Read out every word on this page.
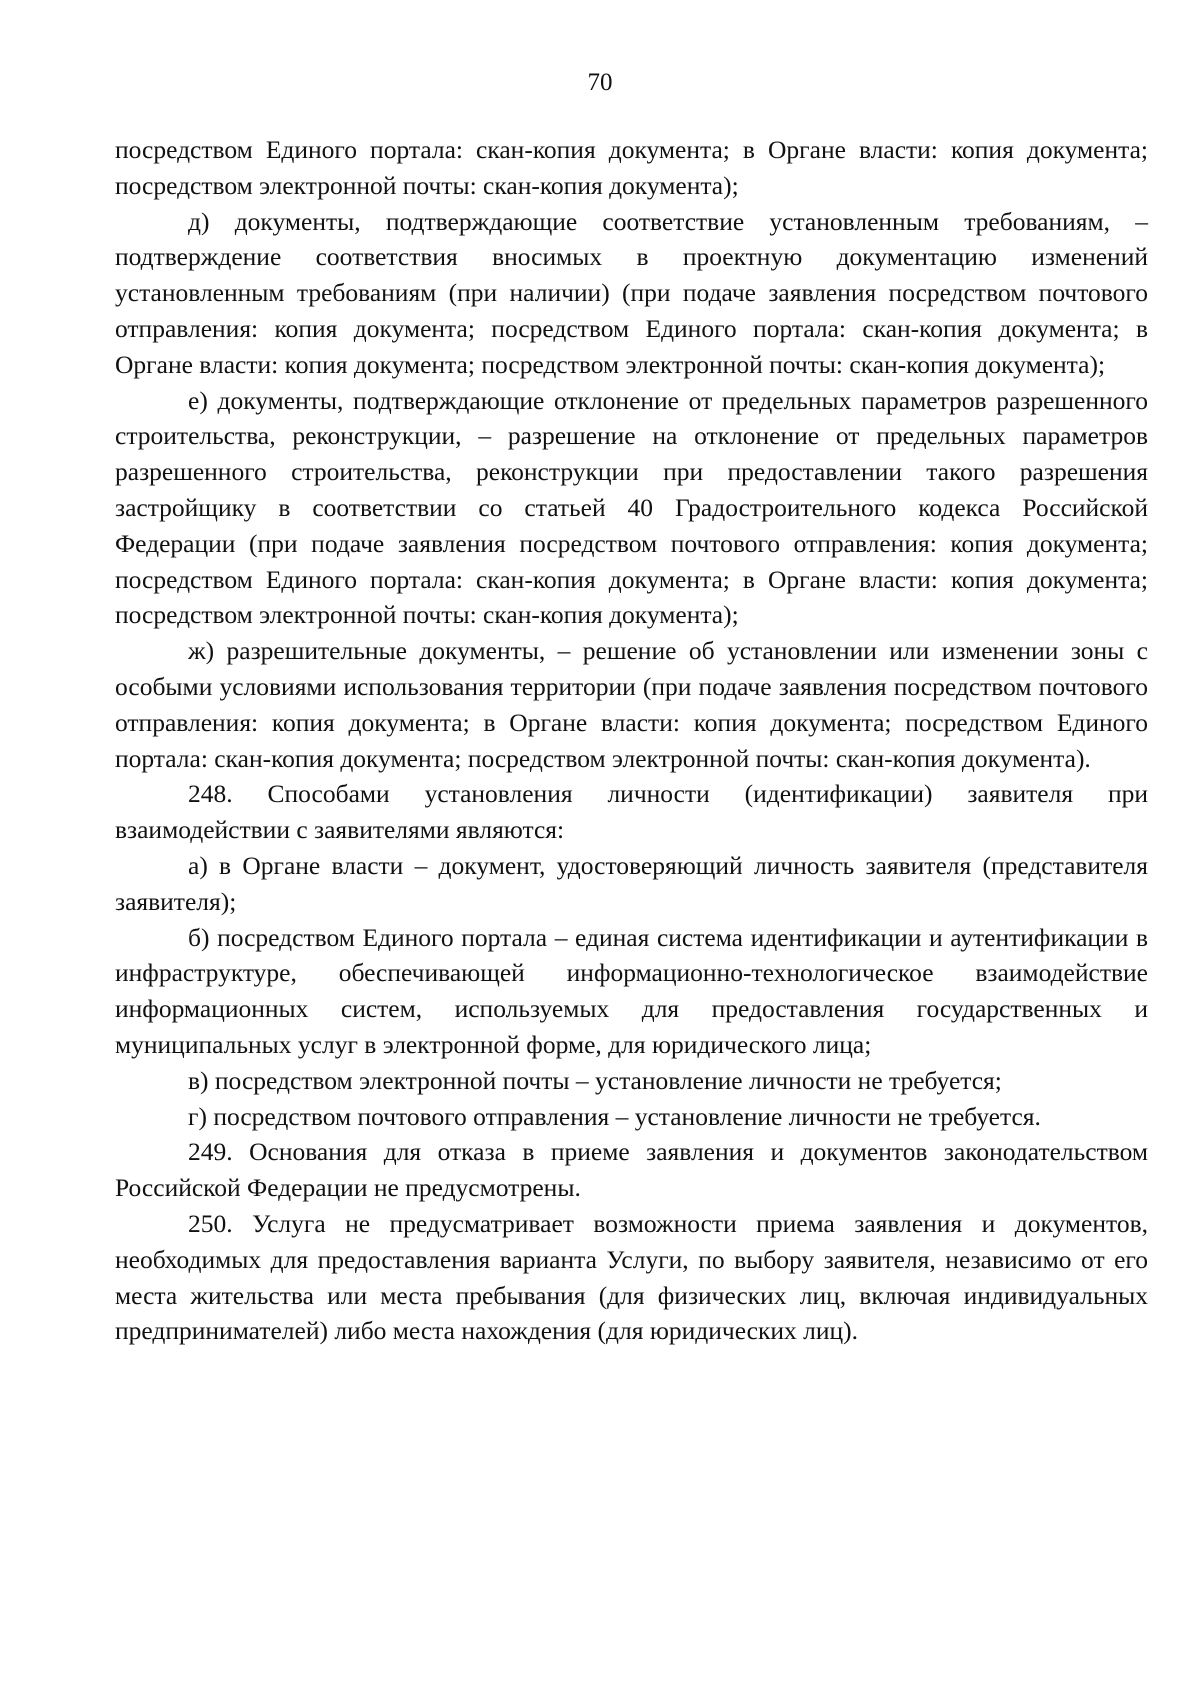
70

посредством Единого портала: скан-копия документа; в Органе власти: копия документа; посредством электронной почты: скан-копия документа);

д) документы, подтверждающие соответствие установленным требованиям, – подтверждение соответствия вносимых в проектную документацию изменений установленным требованиям (при наличии) (при подаче заявления посредством почтового отправления: копия документа; посредством Единого портала: скан-копия документа; в Органе власти: копия документа; посредством электронной почты: скан-копия документа);

е) документы, подтверждающие отклонение от предельных параметров разрешенного строительства, реконструкции, – разрешение на отклонение от предельных параметров разрешенного строительства, реконструкции при предоставлении такого разрешения застройщику в соответствии со статьей 40 Градостроительного кодекса Российской Федерации (при подаче заявления посредством почтового отправления: копия документа; посредством Единого портала: скан-копия документа; в Органе власти: копия документа; посредством электронной почты: скан-копия документа);

ж) разрешительные документы, – решение об установлении или изменении зоны с особыми условиями использования территории (при подаче заявления посредством почтового отправления: копия документа; в Органе власти: копия документа; посредством Единого портала: скан-копия документа; посредством электронной почты: скан-копия документа).

248. Способами установления личности (идентификации) заявителя при взаимодействии с заявителями являются:

а) в Органе власти – документ, удостоверяющий личность заявителя (представителя заявителя);

б) посредством Единого портала – единая система идентификации и аутентификации в инфраструктуре, обеспечивающей информационно-технологическое взаимодействие информационных систем, используемых для предоставления государственных и муниципальных услуг в электронной форме, для юридического лица;

в) посредством электронной почты – установление личности не требуется;

г) посредством почтового отправления – установление личности не требуется.

249. Основания для отказа в приеме заявления и документов законодательством Российской Федерации не предусмотрены.

250. Услуга не предусматривает возможности приема заявления и документов, необходимых для предоставления варианта Услуги, по выбору заявителя, независимо от его места жительства или места пребывания (для физических лиц, включая индивидуальных предпринимателей) либо места нахождения (для юридических лиц).
